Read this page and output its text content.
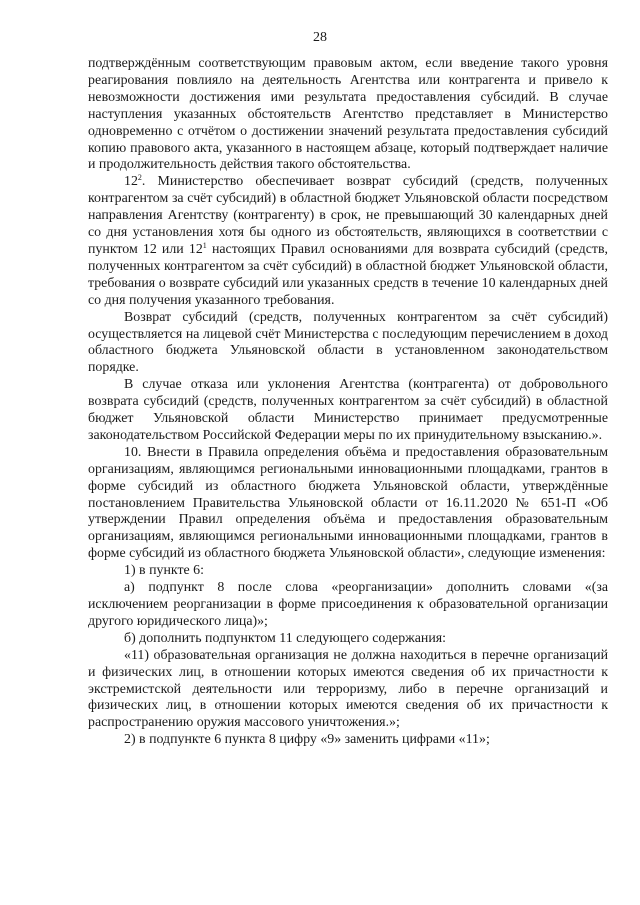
28

подтверждённым соответствующим правовым актом, если введение такого уровня реагирования повлияло на деятельность Агентства или контрагента и привело к невозможности достижения ими результата предоставления субсидий. В случае наступления указанных обстоятельств Агентство представляет в Министерство одновременно с отчётом о достижении значений результата предоставления субсидий копию правового акта, указанного в настоящем абзаце, который подтверждает наличие и продолжительность действия такого обстоятельства.

$12^2$. Министерство обеспечивает возврат субсидий (средств, полученных контрагентом за счёт субсидий) в областной бюджет Ульяновской области посредством направления Агентству (контрагенту) в срок, не превышающий 30 календарных дней со дня установления хотя бы одного из обстоятельств, являющихся в соответствии с пунктом 12 или $12^1$ настоящих Правил основаниями для возврата субсидий (средств, полученных контрагентом за счёт субсидий) в областной бюджет Ульяновской области, требования о возврате субсидий или указанных средств в течение 10 календарных дней со дня получения указанного требования.

Возврат субсидий (средств, полученных контрагентом за счёт субсидий) осуществляется на лицевой счёт Министерства с последующим перечислением в доход областного бюджета Ульяновской области в установленном законодательством порядке.

В случае отказа или уклонения Агентства (контрагента) от добровольного возврата субсидий (средств, полученных контрагентом за счёт субсидий) в областной бюджет Ульяновской области Министерство принимает предусмотренные законодательством Российской Федерации меры по их принудительному взысканию.».

10. Внести в Правила определения объёма и предоставления образовательным организациям, являющимся региональными инновационными площадками, грантов в форме субсидий из областного бюджета Ульяновской области, утверждённые постановлением Правительства Ульяновской области от 16.11.2020 № 651-П «Об утверждении Правил определения объёма и предоставления образовательным организациям, являющимся региональными инновационными площадками, грантов в форме субсидий из областного бюджета Ульяновской области», следующие изменения:

1) в пункте 6:

а) подпункт 8 после слова «реорганизации» дополнить словами «(за исключением реорганизации в форме присоединения к образовательной организации другого юридического лица)»;

б) дополнить подпунктом 11 следующего содержания:

«11) образовательная организация не должна находиться в перечне организаций и физических лиц, в отношении которых имеются сведения об их причастности к экстремистской деятельности или терроризму, либо в перечне организаций и физических лиц, в отношении которых имеются сведения об их причастности к распространению оружия массового уничтожения.»;

2) в подпункте 6 пункта 8 цифру «9» заменить цифрами «11»;
